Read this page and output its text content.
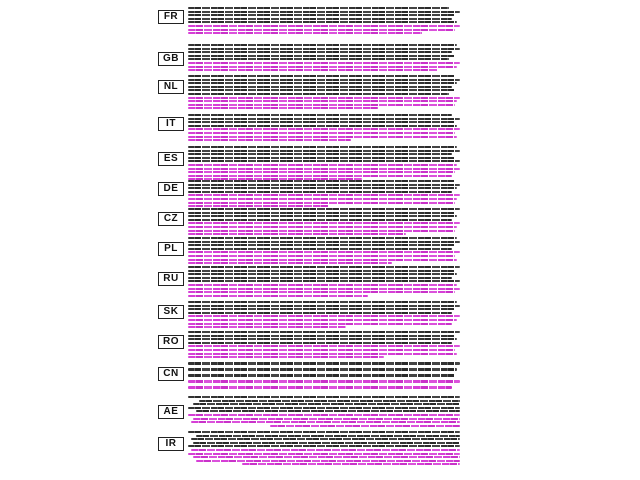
FR
GB
NL
IT
ES
DE
CZ
PL
RU
SK
RO
CN
AE
IR
